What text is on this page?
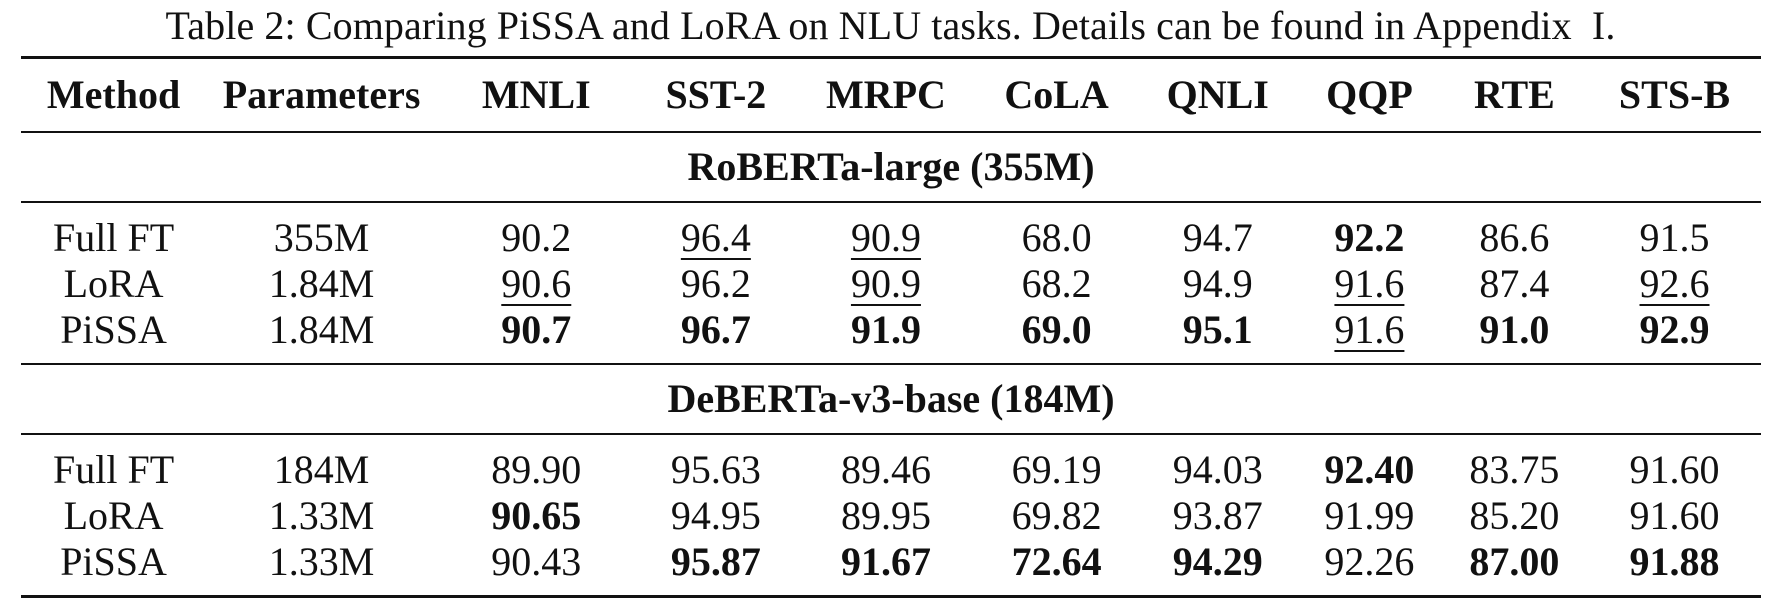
Table 2: Comparing PiSSA and LoRA on NLU tasks. Details can be found in Appendix  I.
Method	Parameters	MNLI	SST-2	MRPC	CoLA	QNLI	QQP	RTE	STS-B
RoBERTa-large (355M)									
Full FT	355M	90.2	96.4	90.9	68.0	94.7	92.2	86.6	91.5
LoRA	1.84M	90.6	96.2	90.9	68.2	94.9	91.6	87.4	92.6
PiSSA	1.84M	90.7	96.7	91.9	69.0	95.1	91.6	91.0	92.9
DeBERTa-v3-base (184M)									
Full FT	184M	89.90	95.63	89.46	69.19	94.03	92.40	83.75	91.60
LoRA	1.33M	90.65	94.95	89.95	69.82	93.87	91.99	85.20	91.60
PiSSA	1.33M	90.43	95.87	91.67	72.64	94.29	92.26	87.00	91.88
